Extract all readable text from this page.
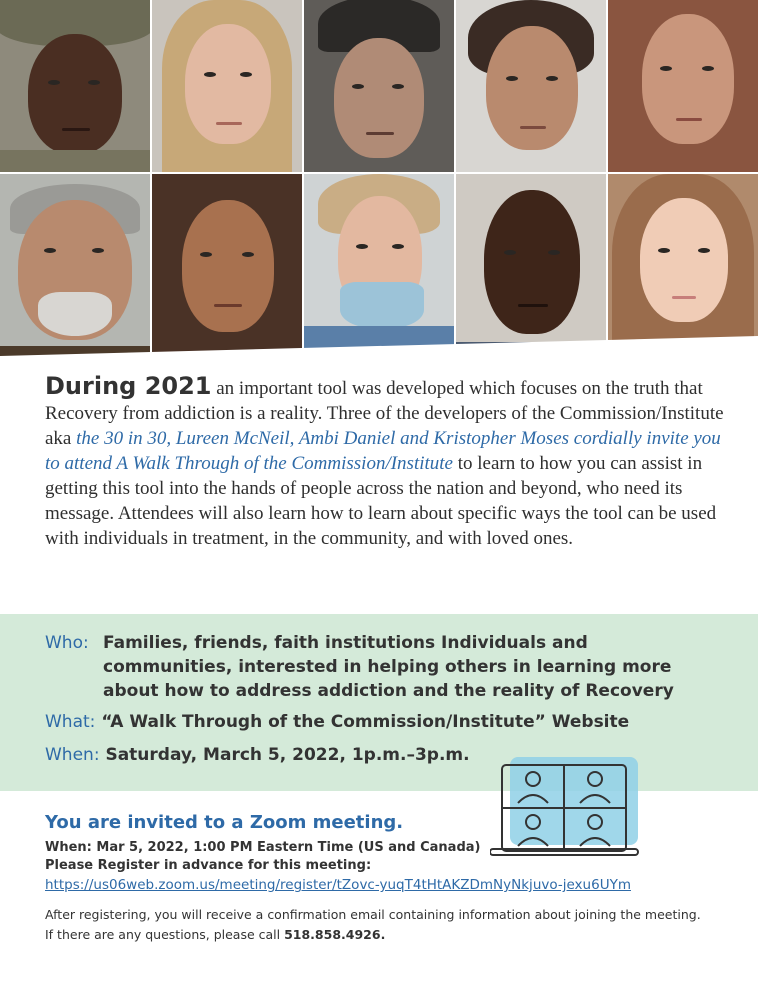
During 2021 an important tool was developed which focuses on the truth that Recovery from addiction is a reality. Three of the developers of the Commission/Institute aka the 30 in 30, Lureen McNeil, Ambi Daniel and Kristopher Moses cordially invite you to attend A Walk Through of the Commission/Institute to learn to how you can assist in getting this tool into the hands of people across the nation and beyond, who need its message. Attendees will also learn how to learn about specific ways the tool can be used with individuals in treatment, in the community, and with loved ones.
Who: Families, friends, faith institutions Individuals and communities, interested in helping others in learning more about how to address addiction and the reality of Recovery
What: “A Walk Through of the Commission/Institute” Website
When: Saturday, March 5, 2022, 1p.m.–3p.m.
You are invited to a Zoom meeting.
When: Mar 5, 2022, 1:00 PM Eastern Time (US and Canada)
Please Register in advance for this meeting:
https://us06web.zoom.us/meeting/register/tZovc-yuqT4tHtAKZDmNyNkjuvo-jexu6UYm
After registering, you will receive a confirmation email containing information about joining the meeting.
If there are any questions, please call 518.858.4926.
